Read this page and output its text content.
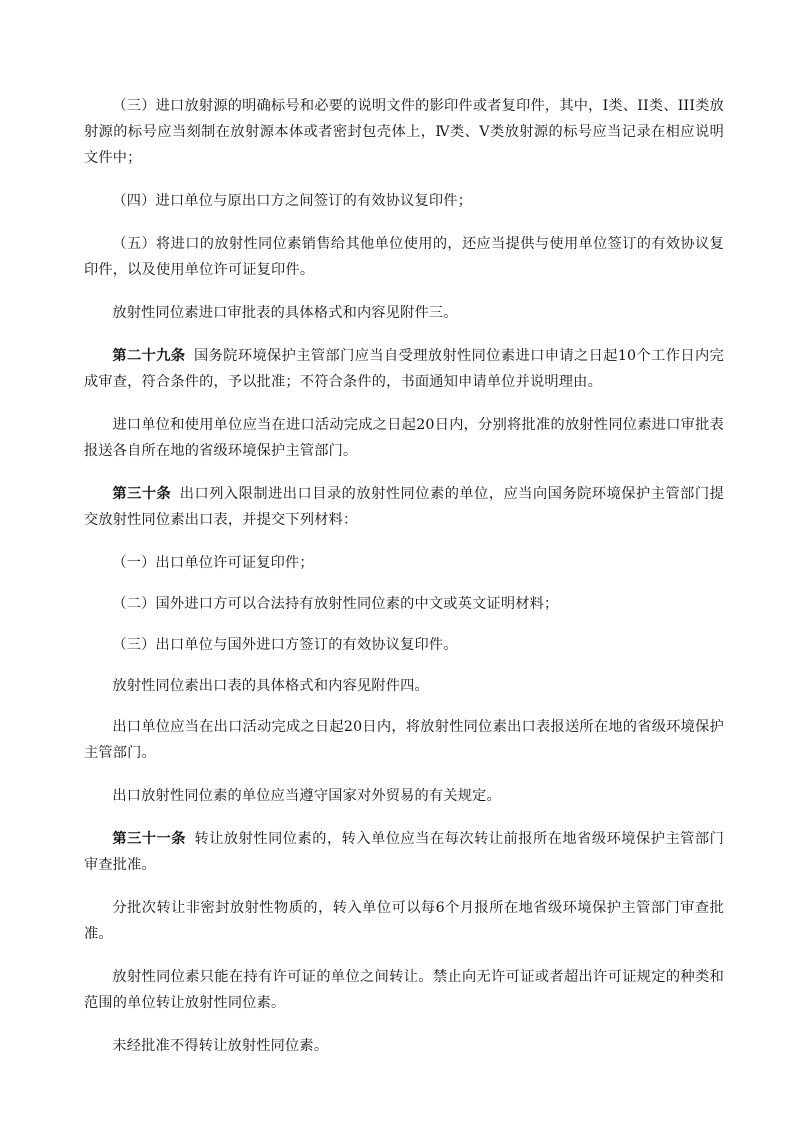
（三）进口放射源的明确标号和必要的说明文件的影印件或者复印件，其中，I类、II类、III类放射源的标号应当刻制在放射源本体或者密封包壳体上，Ⅳ类、Ⅴ类放射源的标号应当记录在相应说明文件中；

（四）进口单位与原出口方之间签订的有效协议复印件；

（五）将进口的放射性同位素销售给其他单位使用的，还应当提供与使用单位签订的有效协议复印件，以及使用单位许可证复印件。

放射性同位素进口审批表的具体格式和内容见附件三。

第二十九条 国务院环境保护主管部门应当自受理放射性同位素进口申请之日起10个工作日内完成审查，符合条件的，予以批准；不符合条件的，书面通知申请单位并说明理由。

进口单位和使用单位应当在进口活动完成之日起20日内，分别将批准的放射性同位素进口审批表报送各自所在地的省级环境保护主管部门。

第三十条 出口列入限制进出口目录的放射性同位素的单位，应当向国务院环境保护主管部门提交放射性同位素出口表，并提交下列材料：

（一）出口单位许可证复印件；

（二）国外进口方可以合法持有放射性同位素的中文或英文证明材料；

（三）出口单位与国外进口方签订的有效协议复印件。

放射性同位素出口表的具体格式和内容见附件四。

出口单位应当在出口活动完成之日起20日内，将放射性同位素出口表报送所在地的省级环境保护主管部门。

出口放射性同位素的单位应当遵守国家对外贸易的有关规定。

第三十一条 转让放射性同位素的，转入单位应当在每次转让前报所在地省级环境保护主管部门审查批准。

分批次转让非密封放射性物质的，转入单位可以每6个月报所在地省级环境保护主管部门审查批准。

放射性同位素只能在持有许可证的单位之间转让。禁止向无许可证或者超出许可证规定的种类和范围的单位转让放射性同位素。

未经批准不得转让放射性同位素。
